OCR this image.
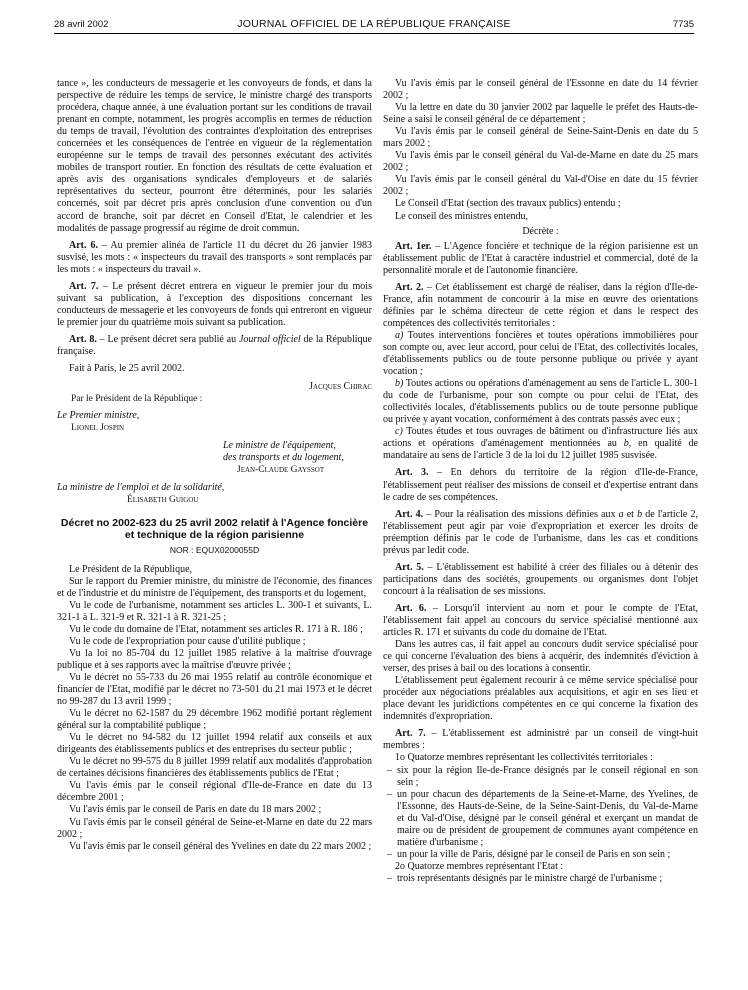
28 avril 2002	JOURNAL OFFICIEL DE LA RÉPUBLIQUE FRANÇAISE	7735

tance », les conducteurs de messagerie et les convoyeurs de fonds, et dans la perspective de réduire les temps de service, le ministre chargé des transports procédera, chaque année, à une évaluation portant sur les conditions de travail prenant en compte, notamment, les progrès accomplis en termes de réduction du temps de travail, l'évolution des contraintes d'exploitation des entreprises concernées et les conséquences de l'entrée en vigueur de la réglementation européenne sur le temps de travail des personnes exécutant des activités mobiles de transport routier. En fonction des résultats de cette évaluation et après avis des organisations syndicales d'employeurs et de salariés représentatives du secteur, pourront être déterminés, pour les salariés concernés, soit par décret pris après conclusion d'une convention ou d'un accord de branche, soit par décret en Conseil d'Etat, le calendrier et les modalités de passage progressif au régime de droit commun.

Art. 6. – Au premier alinéa de l'article 11 du décret du 26 janvier 1983 susvisé, les mots : « inspecteurs du travail des transports » sont remplacés par les mots : « inspecteurs du travail ».

Art. 7. – Le présent décret entrera en vigueur le premier jour du mois suivant sa publication, à l'exception des dispositions concernant les conducteurs de messagerie et les convoyeurs de fonds qui entreront en vigueur le premier jour du quatrième mois suivant sa publication.

Art. 8. – Le présent décret sera publié au Journal officiel de la République française.

Fait à Paris, le 25 avril 2002.

Jacques Chirac

Par le Président de la République :

Le Premier ministre,

Lionel Jospin

Le ministre de l'équipement,

des transports et du logement,

Jean-Claude Gayssot

La ministre de l'emploi et de la solidarité,

Élisabeth Guigou

Décret no 2002-623 du 25 avril 2002 relatif à l'Agence foncière et technique de la région parisienne

NOR : EQUX0200055D

Le Président de la République,

Sur le rapport du Premier ministre, du ministre de l'économie, des finances et de l'industrie et du ministre de l'équipement, des transports et du logement,

Vu le code de l'urbanisme, notamment ses articles L. 300-1 et suivants, L. 321-1 à L. 321-9 et R. 321-1 à R. 321-25 ;

Vu le code du domaine de l'Etat, notamment ses articles R. 171 à R. 186 ;

Vu le code de l'expropriation pour cause d'utilité publique ;

Vu la loi no 85-704 du 12 juillet 1985 relative à la maîtrise d'ouvrage publique et à ses rapports avec la maîtrise d'œuvre privée ;

Vu le décret no 55-733 du 26 mai 1955 relatif au contrôle économique et financier de l'Etat, modifié par le décret no 73-501 du 21 mai 1973 et le décret no 99-287 du 13 avril 1999 ;

Vu le décret no 62-1587 du 29 décembre 1962 modifié portant règlement général sur la comptabilité publique ;

Vu le décret no 94-582 du 12 juillet 1994 relatif aux conseils et aux dirigeants des établissements publics et des entreprises du secteur public ;

Vu le décret no 99-575 du 8 juillet 1999 relatif aux modalités d'approbation de certaines décisions financières des établissements publics de l'Etat ;

Vu l'avis émis par le conseil régional d'Ile-de-France en date du 13 décembre 2001 ;

Vu l'avis émis par le conseil de Paris en date du 18 mars 2002 ;

Vu l'avis émis par le conseil général de Seine-et-Marne en date du 22 mars 2002 ;

Vu l'avis émis par le conseil général des Yvelines en date du 22 mars 2002 ;

Vu l'avis émis par le conseil général de l'Essonne en date du 14 février 2002 ;

Vu la lettre en date du 30 janvier 2002 par laquelle le préfet des Hauts-de-Seine a saisi le conseil général de ce département ;

Vu l'avis émis par le conseil général de Seine-Saint-Denis en date du 5 mars 2002 ;

Vu l'avis émis par le conseil général du Val-de-Marne en date du 25 mars 2002 ;

Vu l'avis émis par le conseil général du Val-d'Oise en date du 15 février 2002 ;

Le Conseil d'Etat (section des travaux publics) entendu ;

Le conseil des ministres entendu,

Décrète :

Art. 1er. – L'Agence foncière et technique de la région parisienne est un établissement public de l'Etat à caractère industriel et commercial, doté de la personnalité morale et de l'autonomie financière.

Art. 2. – Cet établissement est chargé de réaliser, dans la région d'Ile-de-France, afin notamment de concourir à la mise en œuvre des orientations définies par le schéma directeur de cette région et dans le respect des compétences des collectivités territoriales :

a) Toutes interventions foncières et toutes opérations immobilières pour son compte ou, avec leur accord, pour celui de l'Etat, des collectivités locales, d'établissements publics ou de toute personne publique ou privée y ayant vocation ;

b) Toutes actions ou opérations d'aménagement au sens de l'article L. 300-1 du code de l'urbanisme, pour son compte ou pour celui de l'Etat, des collectivités locales, d'établissements publics ou de toute personne publique ou privée y ayant vocation, conformément à des contrats passés avec eux ;

c) Toutes études et tous ouvrages de bâtiment ou d'infrastructure liés aux actions et opérations d'aménagement mentionnées au b, en qualité de mandataire au sens de l'article 3 de la loi du 12 juillet 1985 susvisée.

Art. 3. – En dehors du territoire de la région d'Ile-de-France, l'établissement peut réaliser des missions de conseil et d'expertise entrant dans le cadre de ses compétences.

Art. 4. – Pour la réalisation des missions définies aux a et b de l'article 2, l'établissement peut agir par voie d'expropriation et exercer les droits de préemption définis par le code de l'urbanisme, dans les cas et conditions prévus par ledit code.

Art. 5. – L'établissement est habilité à créer des filiales ou à détenir des participations dans des sociétés, groupements ou organismes dont l'objet concourt à la réalisation de ses missions.

Art. 6. – Lorsqu'il intervient au nom et pour le compte de l'Etat, l'établissement fait appel au concours du service spécialisé mentionné aux articles R. 171 et suivants du code du domaine de l'Etat.

Dans les autres cas, il fait appel au concours dudit service spécialisé pour ce qui concerne l'évaluation des biens à acquérir, des indemnités d'éviction à verser, des prises à bail ou des locations à consentir.

L'établissement peut également recourir à ce même service spécialisé pour procéder aux négociations préalables aux acquisitions, et agir en ses lieu et place devant les juridictions compétentes en ce qui concerne la fixation des indemnités d'expropriation.

Art. 7. – L'établissement est administré par un conseil de vingt-huit membres :

1o Quatorze membres représentant les collectivités territoriales :

– six pour la région Ile-de-France désignés par le conseil régional en son sein ;
– un pour chacun des départements de la Seine-et-Marne, des Yvelines, de l'Essonne, des Hauts-de-Seine, de la Seine-Saint-Denis, du Val-de-Marne et du Val-d'Oise, désigné par le conseil général et exerçant un mandat de maire ou de président de groupement de communes ayant compétence en matière d'urbanisme ;
– un pour la ville de Paris, désigné par le conseil de Paris en son sein ;

2o Quatorze membres représentant l'Etat :

– trois représentants désignés par le ministre chargé de l'urbanisme ;
